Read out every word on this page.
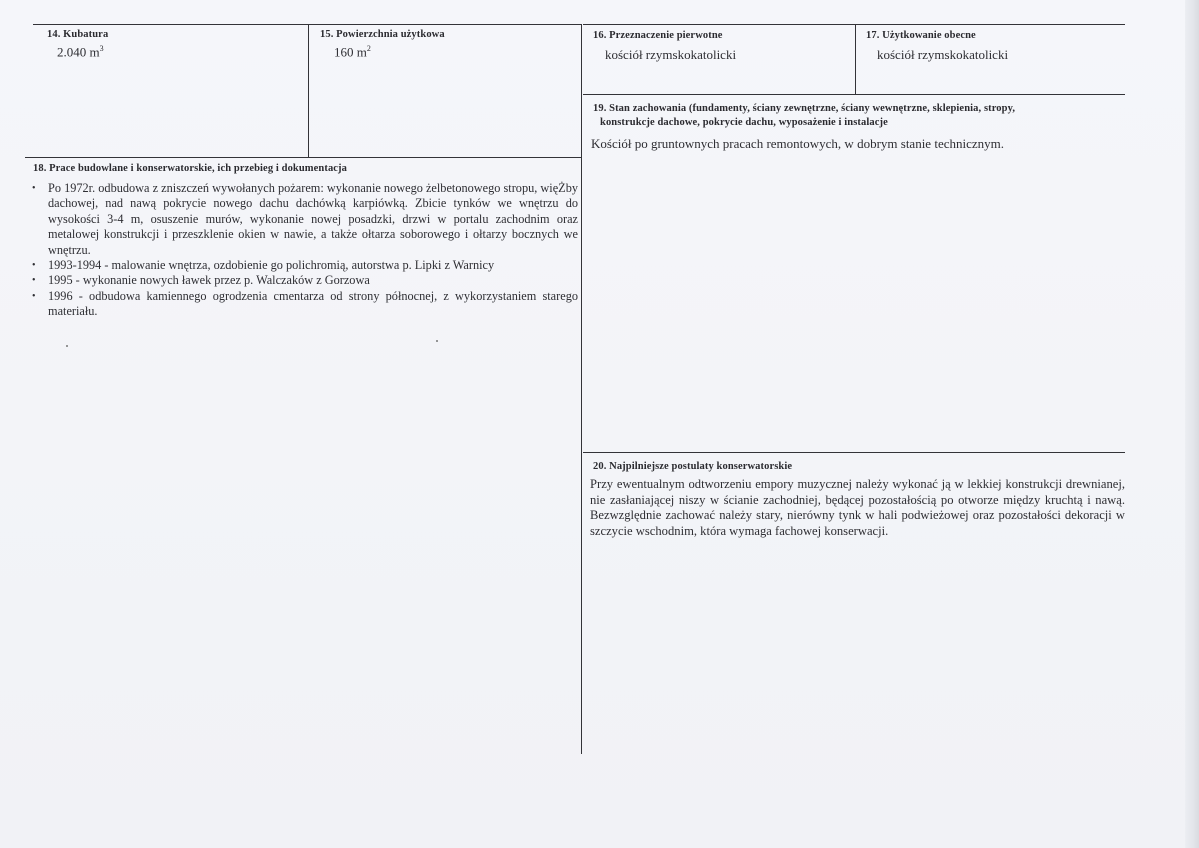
14. Kubatura
2.040 $m^3$
15. Powierzchnia użytkowa
160 $m^2$
16. Przeznaczenie pierwotne
kościół rzymskokatolicki
17. Użytkowanie obecne
kościół rzymskokatolicki
19. Stan zachowania (fundamenty, ściany zewnętrzne, ściany wewnętrzne, sklepienia, stropy,
konstrukcje dachowe, pokrycie dachu, wyposażenie i instalacje
Kościół po gruntownych pracach remontowych, w dobrym stanie technicznym.
18. Prace budowlane i konserwatorskie, ich przebieg i dokumentacja
• Po 1972r. odbudowa z zniszczeń wywołanych pożarem: wykonanie nowego żelbetonowego stropu, więŻby dachowej, nad nawą pokrycie nowego dachu dachówką karpiówką. Zbicie tynków we wnętrzu do wysokości 3-4 m, osuszenie murów, wykonanie nowej posadzki, drzwi w portalu zachodnim oraz metalowej konstrukcji i przeszklenie okien w nawie, a także ołtarza soborowego i ołtarzy bocznych we wnętrzu.
• 1993-1994 - malowanie wnętrza, ozdobienie go polichromią, autorstwa p. Lipki z Warnicy
• 1995 - wykonanie nowych ławek przez p. Walczaków z Gorzowa
• 1996 - odbudowa kamiennego ogrodzenia cmentarza od strony północnej, z wykorzystaniem starego materiału.
20. Najpilniejsze postulaty konserwatorskie
Przy ewentualnym odtworzeniu empory muzycznej należy wykonać ją w lekkiej konstrukcji drewnianej, nie zasłaniającej niszy w ścianie zachodniej, będącej pozostałością po otworze między kruchtą i nawą. Bezwzględnie zachować należy stary, nierówny tynk w hali podwieżowej oraz pozostałości dekoracji w szczycie wschodnim, która wymaga fachowej konserwacji.
